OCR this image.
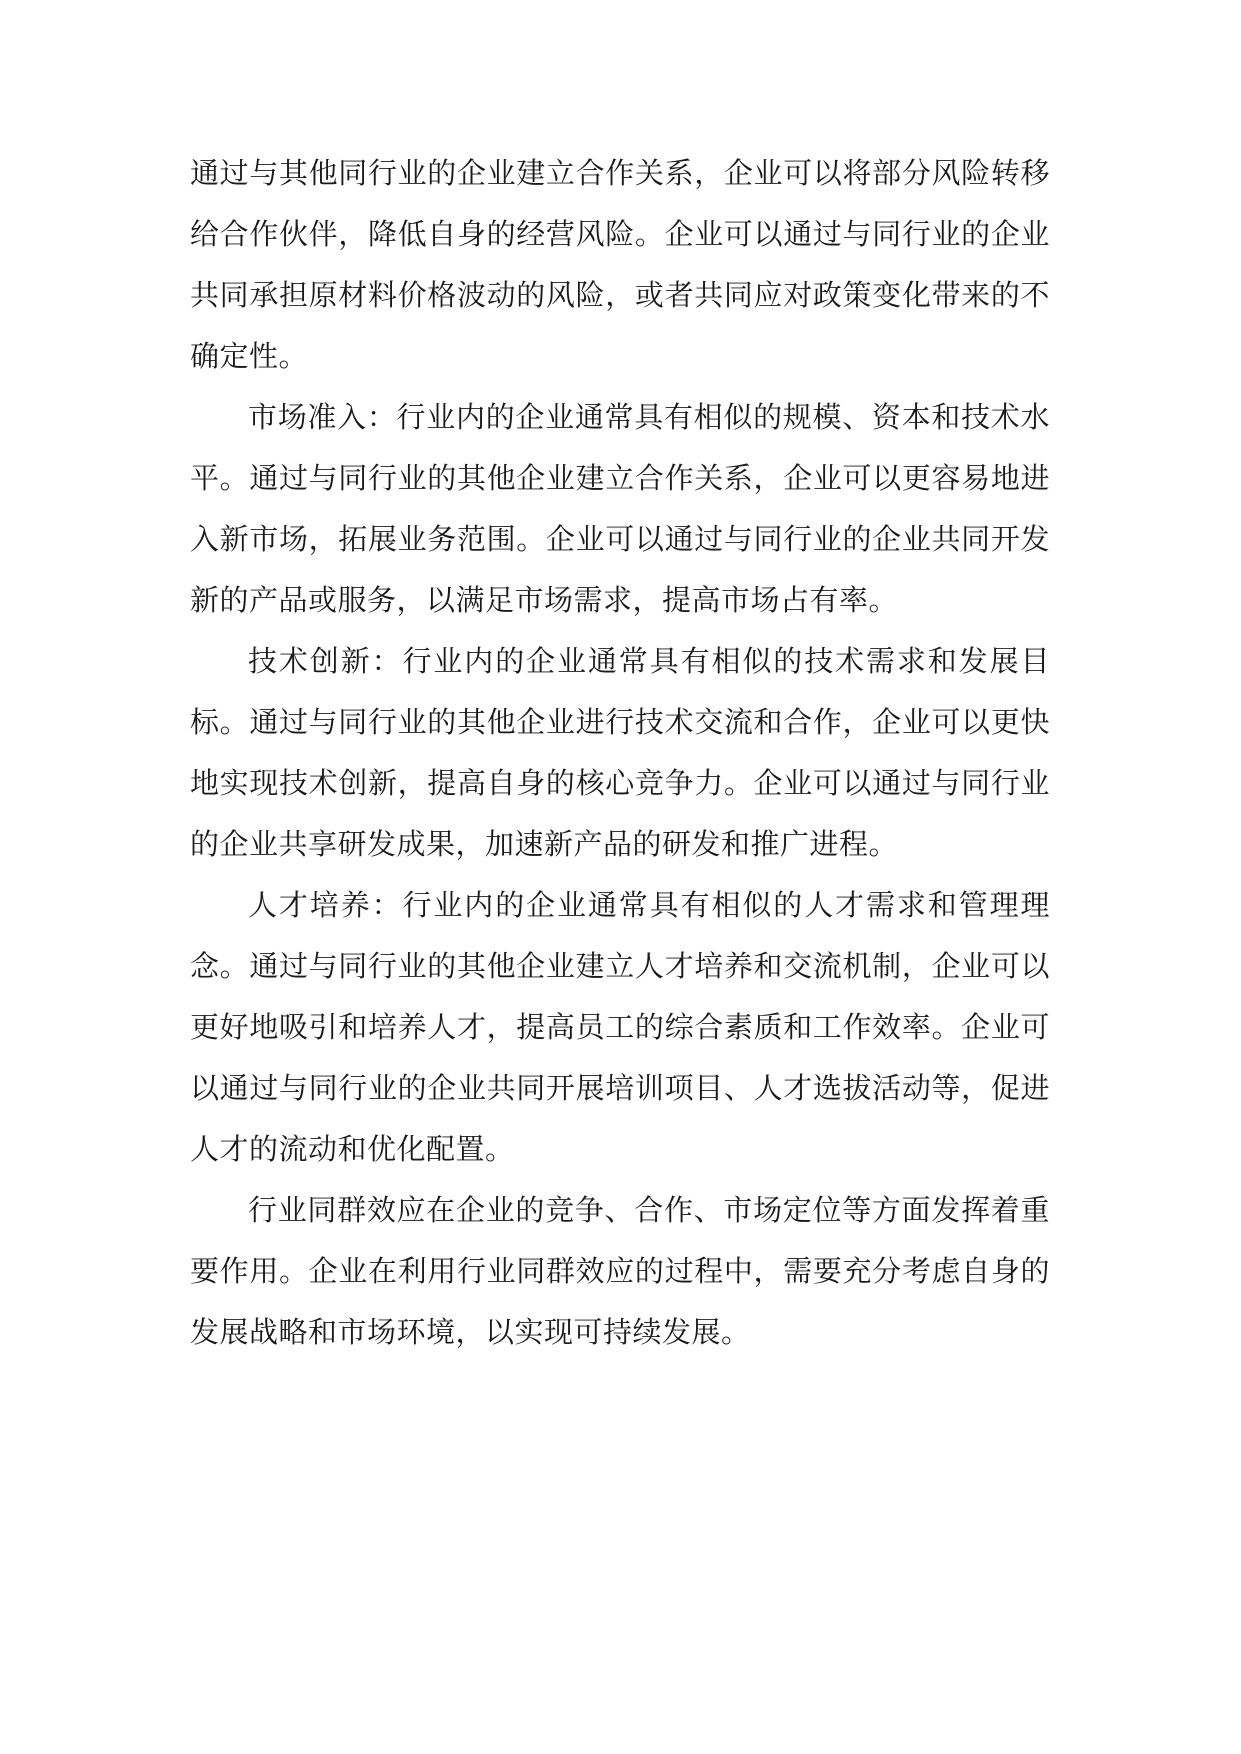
通过与其他同行业的企业建立合作关系，企业可以将部分风险转移给合作伙伴，降低自身的经营风险。企业可以通过与同行业的企业共同承担原材料价格波动的风险，或者共同应对政策变化带来的不确定性。

市场准入：行业内的企业通常具有相似的规模、资本和技术水平。通过与同行业的其他企业建立合作关系，企业可以更容易地进入新市场，拓展业务范围。企业可以通过与同行业的企业共同开发新的产品或服务，以满足市场需求，提高市场占有率。

技术创新：行业内的企业通常具有相似的技术需求和发展目标。通过与同行业的其他企业进行技术交流和合作，企业可以更快地实现技术创新，提高自身的核心竞争力。企业可以通过与同行业的企业共享研发成果，加速新产品的研发和推广进程。

人才培养：行业内的企业通常具有相似的人才需求和管理理念。通过与同行业的其他企业建立人才培养和交流机制，企业可以更好地吸引和培养人才，提高员工的综合素质和工作效率。企业可以通过与同行业的企业共同开展培训项目、人才选拔活动等，促进人才的流动和优化配置。

行业同群效应在企业的竞争、合作、市场定位等方面发挥着重要作用。企业在利用行业同群效应的过程中，需要充分考虑自身的发展战略和市场环境，以实现可持续发展。
